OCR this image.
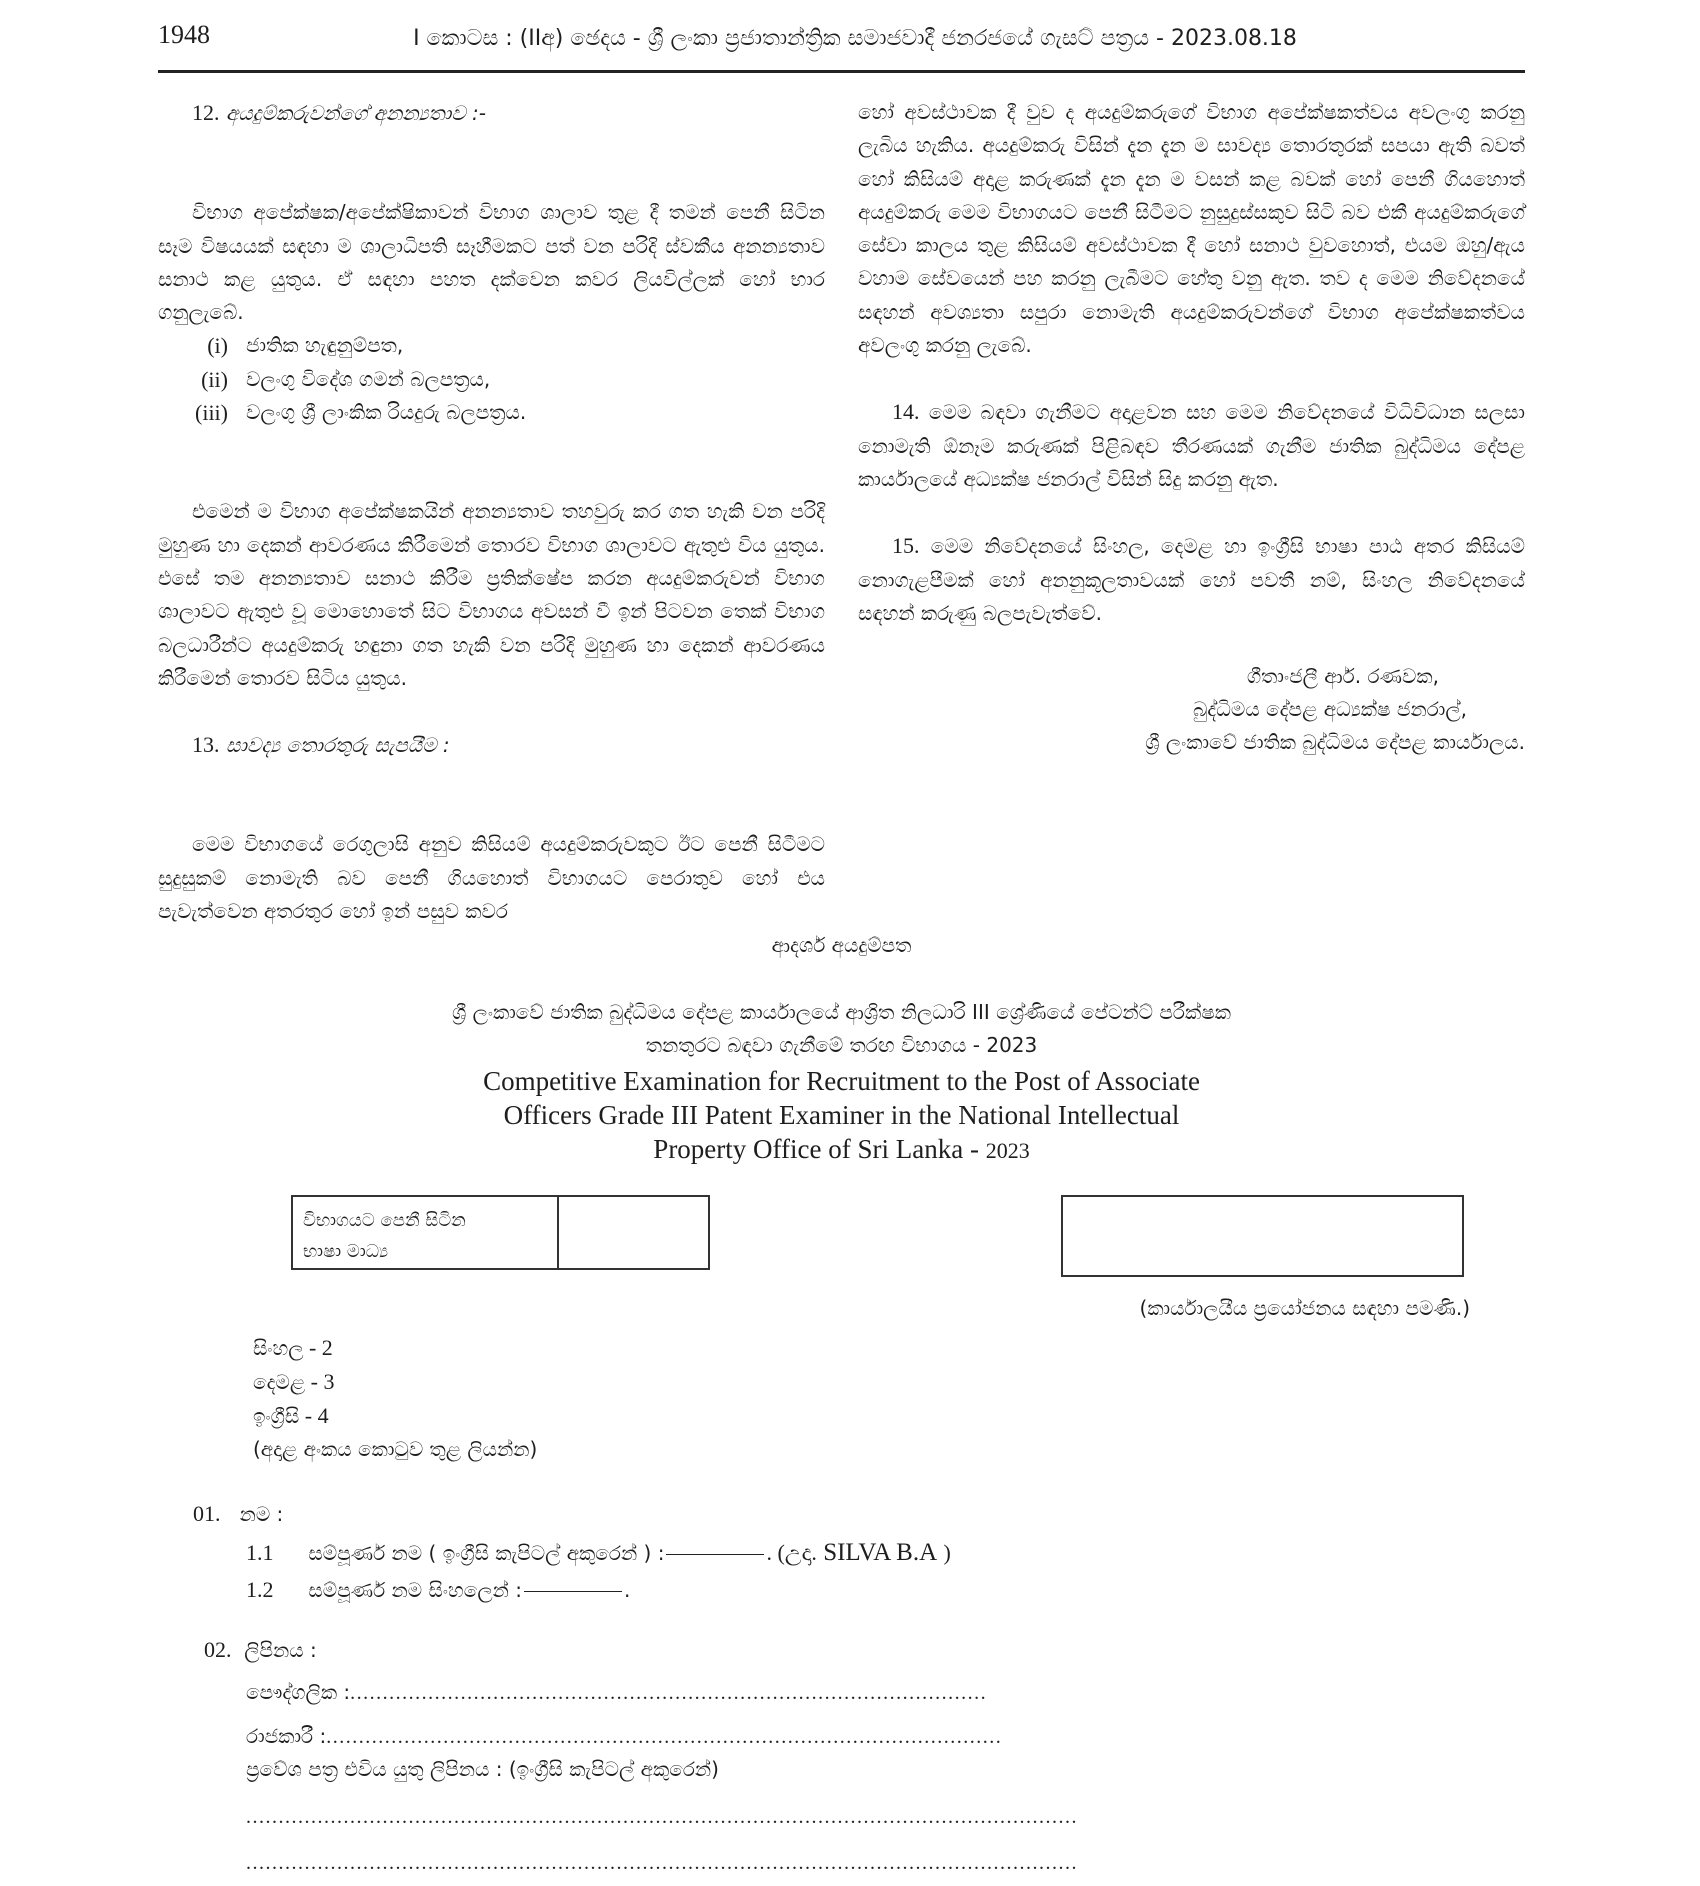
1948	I කොටස : (IIඅ) ඡෙදය - ශ්‍රී ලංකා ප්‍රජාතාන්ත්‍රික සමාජවාදී ජනරජයේ ගැසට් පත්‍රය - 2023.08.18
12. අයදුම්කරුවන්ගේ අනන්‍යතාව :-

විභාග අපේක්ෂක/අපේක්ෂිකාවන් විභාග ශාලාව තුළ දී තමන් පෙනී සිටින සෑම විෂයයක් සඳහා ම ශාලාධිපති සෑහීමකට පත් වන පරිදි ස්වකීය අනන්‍යතාව සනාථ කළ යුතුය. ඒ සඳහා පහත දක්වෙන කවර ලියවිල්ලක් හෝ භාර ගනුලැබේ.

(i) ජාතික හැඳුනුම්පත,
(ii) වලංගු විදේශ ගමන් බලපත්‍රය,
(iii) වලංගු ශ්‍රී ලාංකික රියදුරු බලපත්‍රය.

එමෙන් ම විභාග අපේක්ෂකයින් අනන්‍යතාව තහවුරු කර ගත හැකි වන පරිදි මුහුණ හා දෙකන් ආවරණය කිරීමෙන් තොරව විභාග ශාලාවට ඇතුළු විය යුතුය. එසේ තම අනන්‍යතාව සනාථ කිරීම ප්‍රතික්ෂේප කරන අයදුම්කරුවන් විභාග ශාලාවට ඇතුළු වූ මොහොතේ සිට විභාගය අවසන් වී ඉන් පිටවන තෙක් විභාග බලධාරීන්ට අයදුම්කරු හඳුනා ගත හැකි වන පරිදි මුහුණ හා දෙකන් ආවරණය කිරීමෙන් තොරව සිටිය යුතුය.

13. සාවද්‍ය තොරතුරු සැපයීම :

මෙම විභාගයේ රෙගුලාසි අනුව කිසියම් අයදුම්කරුවකුට ඊට පෙනී සිටීමට සුදුසුකම් නොමැති බව පෙනී ගියහොත් විභාගයට පෙරාතුව හෝ එය පැවැත්වෙන අතරතුර හෝ ඉන් පසුව කවර

හෝ අවස්ථාවක දී වුව ද අයදුම්කරුගේ විභාග අපේක්ෂකත්වය අවලංගු කරනු ලැබිය හැකිය. අයදුම්කරු විසින් දැන දැන ම සාවද්‍ය තොරතුරක් සපයා ඇති බවත් හෝ කිසියම් අදාළ කරුණක් දැන දැන ම වසන් කළ බවක් හෝ පෙනී ගියහොත් අයදුම්කරු මෙම විභාගයට පෙනී සිටීමට නුසුදුස්සකුව සිටි බව එකී අයදුම්කරුගේ සේවා කාලය තුළ කිසියම් අවස්ථාවක දී හෝ සනාථ වුවහොත්, එයම ඔහු/ඇය වහාම සේවයෙන් පහ කරනු ලැබීමට හේතු වනු ඇත. තව ද මෙම නිවේදනයේ සඳහන් අවශ්‍යතා සපුරා නොමැති අයදුම්කරුවන්ගේ විභාග අපේක්ෂකත්වය අවලංගු කරනු ලැබේ.

14. මෙම බඳවා ගැනීමට අදාළවන සහ මෙම නිවේදනයේ විධිවිධාන සලසා නොමැති ඕනෑම කරුණක් පිළිබඳව තීරණයක් ගැනීම ජාතික බුද්ධිමය දේපළ කාර්යාලයේ අධ්‍යක්ෂ ජනරාල් විසින් සිදු කරනු ඇත.

15. මෙම නිවේදනයේ සිංහල, දෙමළ හා ඉංග්‍රීසි භාෂා පාඨ අතර කිසියම් නොගැළපීමක් හෝ අනනුකූලතාවයක් හෝ පවතී නම්, සිංහල නිවේදනයේ සඳහන් කරුණු බලපැවැත්වේ.

ගීතාංජලී ආර්. රණවක,
බුද්ධිමය දේපළ අධ්‍යක්ෂ ජනරාල්,
ශ්‍රී ලංකාවේ ජාතික බුද්ධිමය දේපළ කාර්යාලය.
ආදර්ශ අයදුම්පත
ශ්‍රී ලංකාවේ ජාතික බුද්ධිමය දේපළ කාර්යාලයේ ආශ්‍රිත නිලධාරි III ශ්‍රේණියේ පේටන්ට් පරීක්ෂක
තනතුරට බඳවා ගැනීමේ තරඟ විභාගය - 2023
Competitive Examination for Recruitment to the Post of Associate
Officers Grade III Patent Examiner in the National Intellectual
Property Office of Sri Lanka - 2023
විභාගයට පෙනී සිටින
භාෂා මාධ්‍ය
(කාර්යාලයීය ප්‍රයෝජනය සඳහා පමණි.)
සිංහල - 2
දෙමළ - 3
ඉංග්‍රීසි - 4
(අදාළ අංකය කොටුව තුළ ලියන්න)
01. නම :
1.1 සම්පූර්ණ නම ( ඉංග්‍රීසි කැපිටල් අකුරෙන් ) :	. (උදා. SILVA B.A )
1.2 සම්පූර්ණ නම සිංහලෙන් :	.
02. ලිපිනය :
පෞද්ගලික :..................................................................................................
රාජකාරී :........................................................................................................
ප්‍රවේශ පත්‍ර එවිය යුතු ලිපිනය : (ඉංග්‍රීසි කැපිටල් අකුරෙන්)
................................................................................................................................
................................................................................................................................
